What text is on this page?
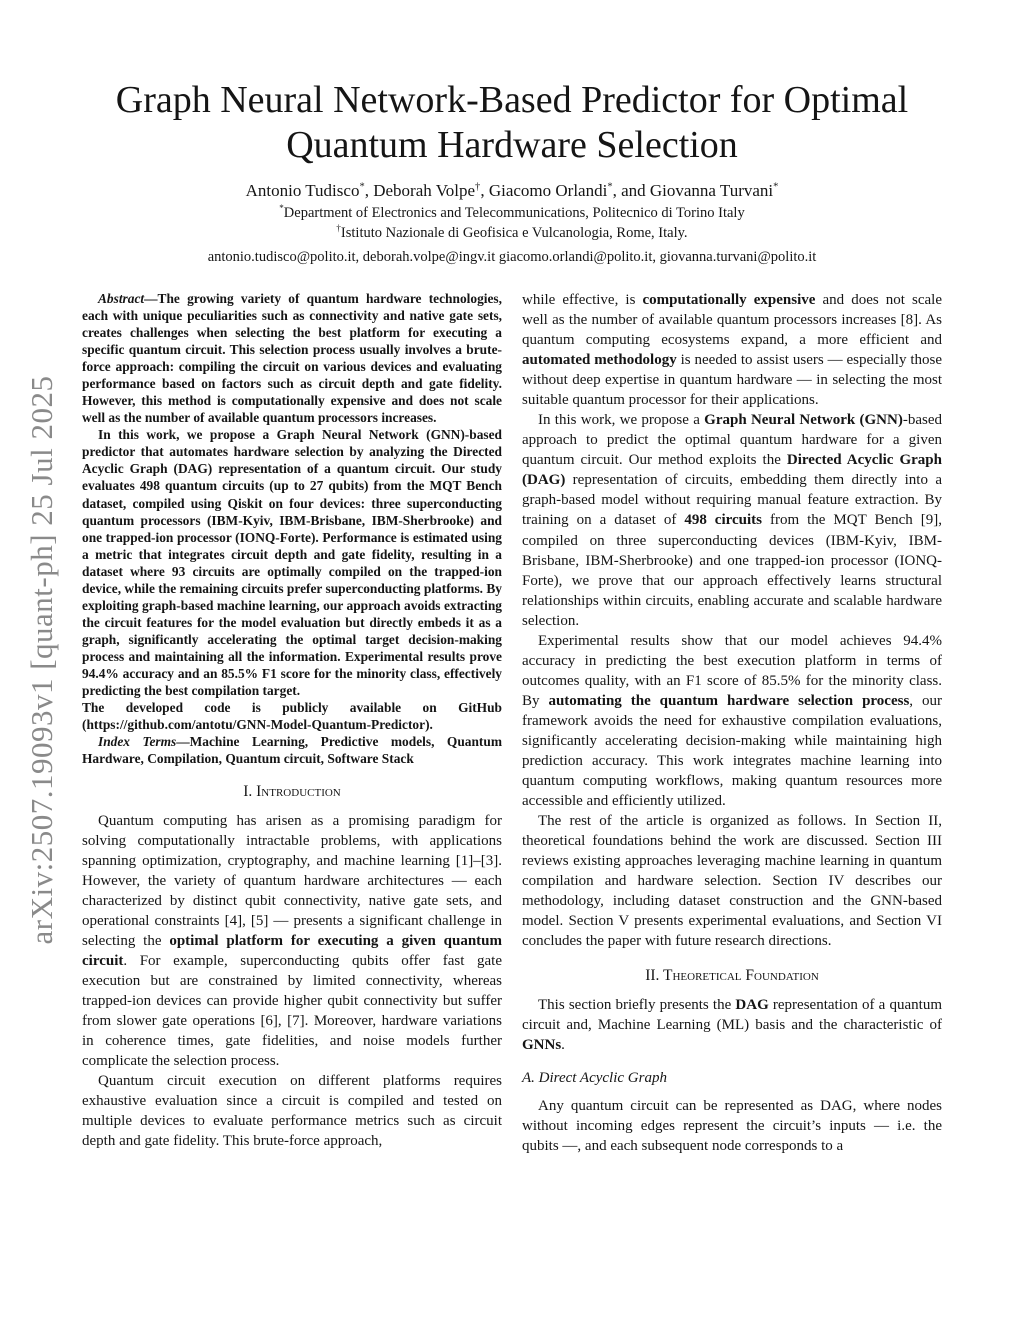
arXiv:2507.19093v1 [quant-ph] 25 Jul 2025
Graph Neural Network-Based Predictor for Optimal
Quantum Hardware Selection
Antonio Tudisco*, Deborah Volpe†, Giacomo Orlandi*, and Giovanna Turvani*
*Department of Electronics and Telecommunications, Politecnico di Torino Italy
†Istituto Nazionale di Geofisica e Vulcanologia, Rome, Italy.
antonio.tudisco@polito.it, deborah.volpe@ingv.it giacomo.orlandi@polito.it, giovanna.turvani@polito.it

Abstract—The growing variety of quantum hardware technologies, each with unique peculiarities such as connectivity and native gate sets, creates challenges when selecting the best platform for executing a specific quantum circuit. This selection process usually involves a brute-force approach: compiling the circuit on various devices and evaluating performance based on factors such as circuit depth and gate fidelity. However, this method is computationally expensive and does not scale well as the number of available quantum processors increases.

In this work, we propose a Graph Neural Network (GNN)-based predictor that automates hardware selection by analyzing the Directed Acyclic Graph (DAG) representation of a quantum circuit. Our study evaluates 498 quantum circuits (up to 27 qubits) from the MQT Bench dataset, compiled using Qiskit on four devices: three superconducting quantum processors (IBM-Kyiv, IBM-Brisbane, IBM-Sherbrooke) and one trapped-ion processor (IONQ-Forte). Performance is estimated using a metric that integrates circuit depth and gate fidelity, resulting in a dataset where 93 circuits are optimally compiled on the trapped-ion device, while the remaining circuits prefer superconducting platforms. By exploiting graph-based machine learning, our approach avoids extracting the circuit features for the model evaluation but directly embeds it as a graph, significantly accelerating the optimal target decision-making process and maintaining all the information. Experimental results prove 94.4% accuracy and an 85.5% F1 score for the minority class, effectively predicting the best compilation target.

The developed code is publicly available on GitHub (https://github.com/antotu/GNN-Model-Quantum-Predictor).

Index Terms—Machine Learning, Predictive models, Quantum Hardware, Compilation, Quantum circuit, Software Stack

I. Introduction

Quantum computing has arisen as a promising paradigm for solving computationally intractable problems, with applications spanning optimization, cryptography, and machine learning [1]–[3]. However, the variety of quantum hardware architectures — each characterized by distinct qubit connectivity, native gate sets, and operational constraints [4], [5] — presents a significant challenge in selecting the optimal platform for executing a given quantum circuit. For example, superconducting qubits offer fast gate execution but are constrained by limited connectivity, whereas trapped-ion devices can provide higher qubit connectivity but suffer from slower gate operations [6], [7]. Moreover, hardware variations in coherence times, gate fidelities, and noise models further complicate the selection process.

Quantum circuit execution on different platforms requires exhaustive evaluation since a circuit is compiled and tested on multiple devices to evaluate performance metrics such as circuit depth and gate fidelity. This brute-force approach,

while effective, is computationally expensive and does not scale well as the number of available quantum processors increases [8]. As quantum computing ecosystems expand, a more efficient and automated methodology is needed to assist users — especially those without deep expertise in quantum hardware — in selecting the most suitable quantum processor for their applications.

In this work, we propose a Graph Neural Network (GNN)-based approach to predict the optimal quantum hardware for a given quantum circuit. Our method exploits the Directed Acyclic Graph (DAG) representation of circuits, embedding them directly into a graph-based model without requiring manual feature extraction. By training on a dataset of 498 circuits from the MQT Bench [9], compiled on three superconducting devices (IBM-Kyiv, IBM-Brisbane, IBM-Sherbrooke) and one trapped-ion processor (IONQ-Forte), we prove that our approach effectively learns structural relationships within circuits, enabling accurate and scalable hardware selection.

Experimental results show that our model achieves 94.4% accuracy in predicting the best execution platform in terms of outcomes quality, with an F1 score of 85.5% for the minority class. By automating the quantum hardware selection process, our framework avoids the need for exhaustive compilation evaluations, significantly accelerating decision-making while maintaining high prediction accuracy. This work integrates machine learning into quantum computing workflows, making quantum resources more accessible and efficiently utilized.

The rest of the article is organized as follows. In Section II, theoretical foundations behind the work are discussed. Section III reviews existing approaches leveraging machine learning in quantum compilation and hardware selection. Section IV describes our methodology, including dataset construction and the GNN-based model. Section V presents experimental evaluations, and Section VI concludes the paper with future research directions.

II. Theoretical Foundation

This section briefly presents the DAG representation of a quantum circuit and, Machine Learning (ML) basis and the characteristic of GNNs.

A. Direct Acyclic Graph

Any quantum circuit can be represented as DAG, where nodes without incoming edges represent the circuit’s inputs — i.e. the qubits —, and each subsequent node corresponds to a
